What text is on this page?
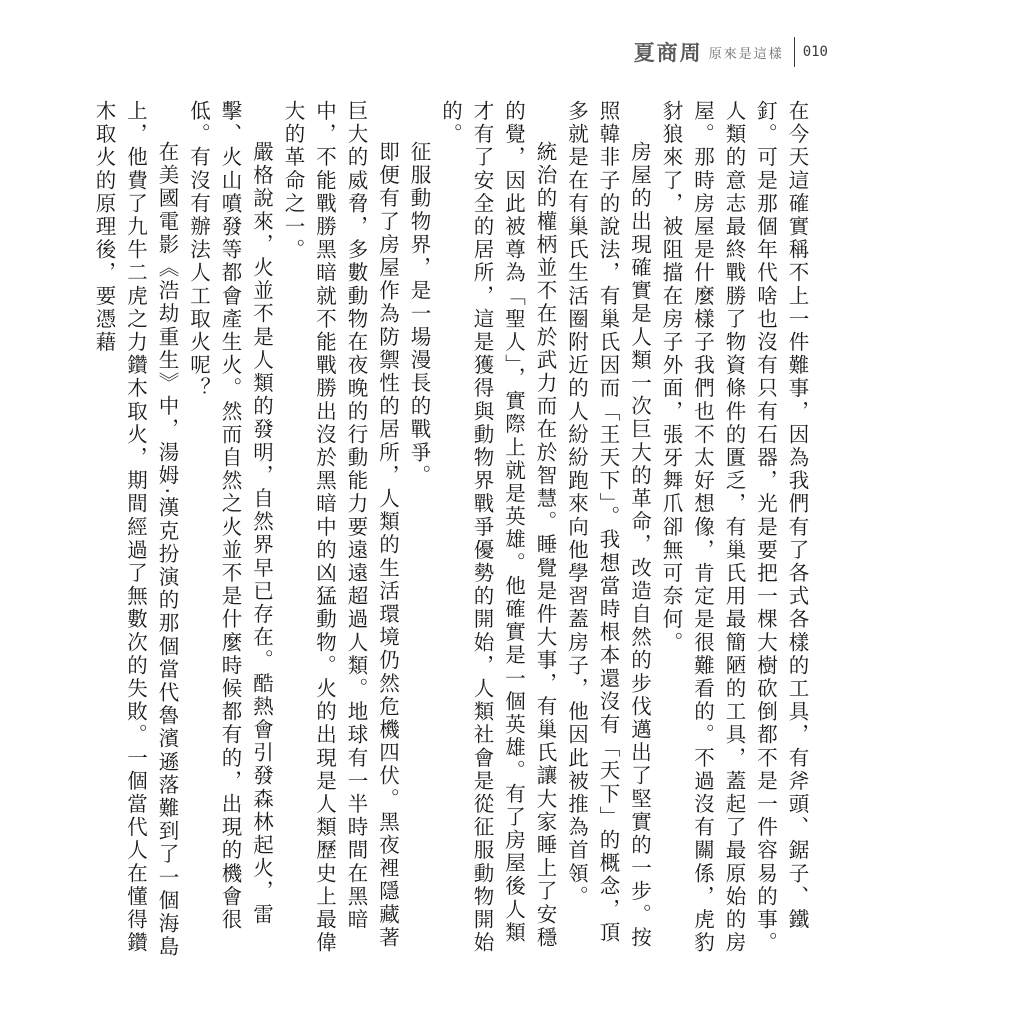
夏商周 原來是這樣 010

在今天這確實稱不上一件難事，因為我們有了各式各樣的工具，有斧頭、鋸子、鐵釘。可是那個年代啥也沒有只有石器，光是要把一棵大樹砍倒都不是一件容易的事。人類的意志最終戰勝了物資條件的匱乏，有巢氏用最簡陋的工具，蓋起了最原始的房屋。那時房屋是什麼樣子我們也不太好想像，肯定是很難看的。不過沒有關係，虎豹豺狼來了，被阻擋在房子外面，張牙舞爪卻無可奈何。

房屋的出現確實是人類一次巨大的革命，改造自然的步伐邁出了堅實的一步。按照韓非子的說法，有巢氏因而「王天下」。我想當時根本還沒有「天下」的概念，頂多就是在有巢氏生活圈附近的人紛紛跑來向他學習蓋房子，他因此被推為首領。

統治的權柄並不在於武力而在於智慧。睡覺是件大事，有巢氏讓大家睡上了安穩的覺，因此被尊為「聖人」，實際上就是英雄。他確實是一個英雄。有了房屋後人類才有了安全的居所，這是獲得與動物界戰爭優勢的開始，人類社會是從征服動物開始的。

征服動物界，是一場漫長的戰爭。

即便有了房屋作為防禦性的居所，人類的生活環境仍然危機四伏。黑夜裡隱藏著巨大的威脅，多數動物在夜晚的行動能力要遠遠超過人類。地球有一半時間在黑暗中，不能戰勝黑暗就不能戰勝出沒於黑暗中的凶猛動物。火的出現是人類歷史上最偉大的革命之一。

嚴格說來，火並不是人類的發明，自然界早已存在。酷熱會引發森林起火，雷擊、火山噴發等都會產生火。然而自然之火並不是什麼時候都有的，出現的機會很低。有沒有辦法人工取火呢？

在美國電影《浩劫重生》中，湯姆‧漢克扮演的那個當代魯濱遜落難到了一個海島上，他費了九牛二虎之力鑽木取火，期間經過了無數次的失敗。一個當代人在懂得鑽木取火的原理後，要憑藉
